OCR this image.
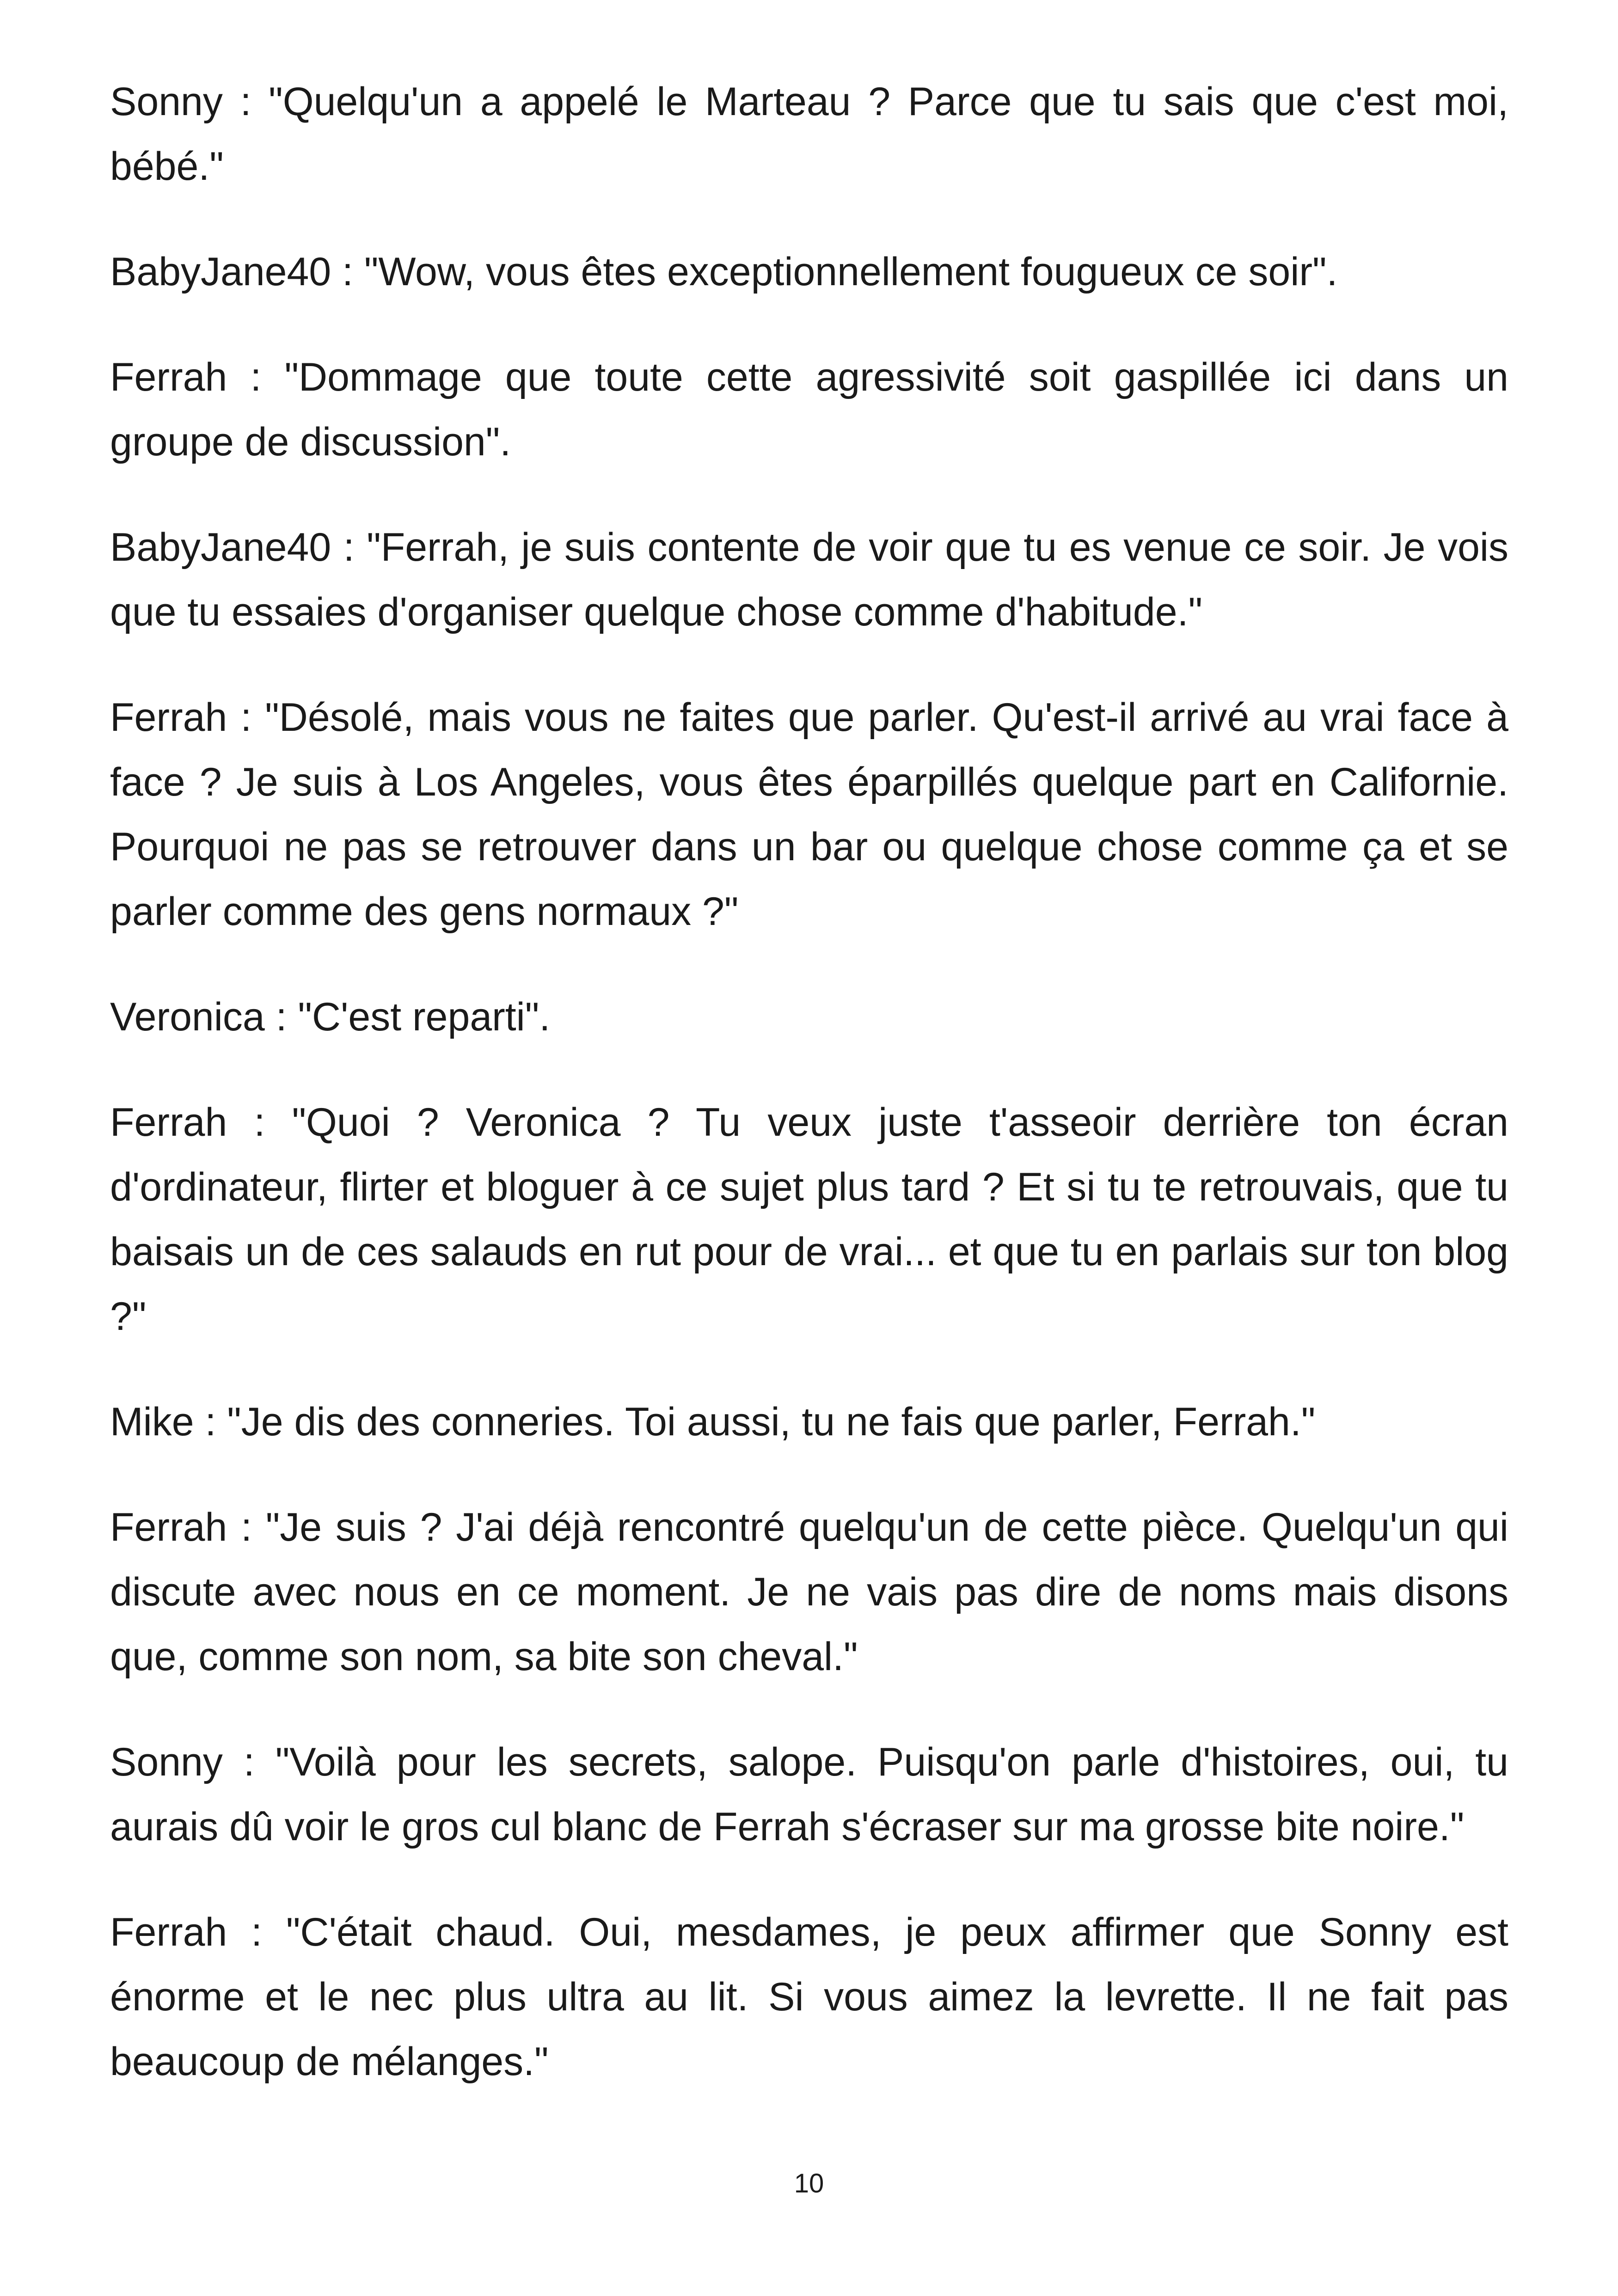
Sonny : "Quelqu'un a appelé le Marteau ? Parce que tu sais que c'est moi, bébé."

BabyJane40 : "Wow, vous êtes exceptionnellement fougueux ce soir".

Ferrah : "Dommage que toute cette agressivité soit gaspillée ici dans un groupe de discussion".

BabyJane40 : "Ferrah, je suis contente de voir que tu es venue ce soir. Je vois que tu essaies d'organiser quelque chose comme d'habitude."

Ferrah : "Désolé, mais vous ne faites que parler. Qu'est-il arrivé au vrai face à face ? Je suis à Los Angeles, vous êtes éparpillés quelque part en Californie. Pourquoi ne pas se retrouver dans un bar ou quelque chose comme ça et se parler comme des gens normaux ?"

Veronica : "C'est reparti".

Ferrah : "Quoi ? Veronica ? Tu veux juste t'asseoir derrière ton écran d'ordinateur, flirter et bloguer à ce sujet plus tard ? Et si tu te retrouvais, que tu baisais un de ces salauds en rut pour de vrai... et que tu en parlais sur ton blog ?"

Mike : "Je dis des conneries. Toi aussi, tu ne fais que parler, Ferrah."

Ferrah : "Je suis ? J'ai déjà rencontré quelqu'un de cette pièce. Quelqu'un qui discute avec nous en ce moment. Je ne vais pas dire de noms mais disons que, comme son nom, sa bite son cheval."

Sonny : "Voilà pour les secrets, salope. Puisqu'on parle d'histoires, oui, tu aurais dû voir le gros cul blanc de Ferrah s'écraser sur ma grosse bite noire."

Ferrah : "C'était chaud. Oui, mesdames, je peux affirmer que Sonny est énorme et le nec plus ultra au lit. Si vous aimez la levrette. Il ne fait pas beaucoup de mélanges."

10
